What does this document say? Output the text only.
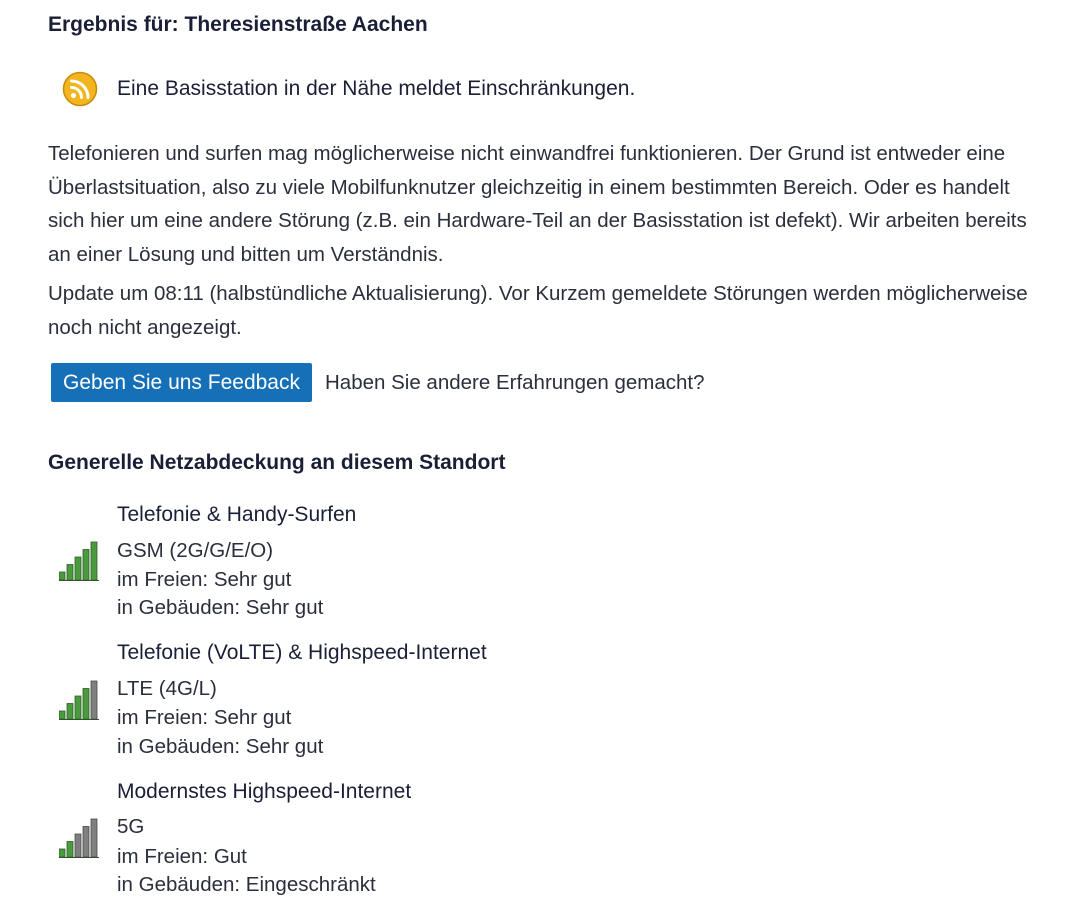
Ergebnis für: Theresienstraße Aachen
Eine Basisstation in der Nähe meldet Einschränkungen.

Telefonieren und surfen mag möglicherweise nicht einwandfrei funktionieren. Der Grund ist entweder eine Überlastsituation, also zu viele Mobilfunknutzer gleichzeitig in einem bestimmten Bereich. Oder es handelt sich hier um eine andere Störung (z.B. ein Hardware-Teil an der Basisstation ist defekt). Wir arbeiten bereits an einer Lösung und bitten um Verständnis.

Update um 08:11 (halbstündliche Aktualisierung). Vor Kurzem gemeldete Störungen werden möglicherweise noch nicht angezeigt.

Geben Sie uns Feedback	Haben Sie andere Erfahrungen gemacht?
Generelle Netzabdeckung an diesem Standort
Telefonie & Handy-Surfen
GSM (2G/G/E/O)
im Freien: Sehr gut
in Gebäuden: Sehr gut
Telefonie (VoLTE) & Highspeed-Internet
LTE (4G/L)
im Freien: Sehr gut
in Gebäuden: Sehr gut
Modernstes Highspeed-Internet
5G
im Freien: Gut
in Gebäuden: Eingeschränkt
